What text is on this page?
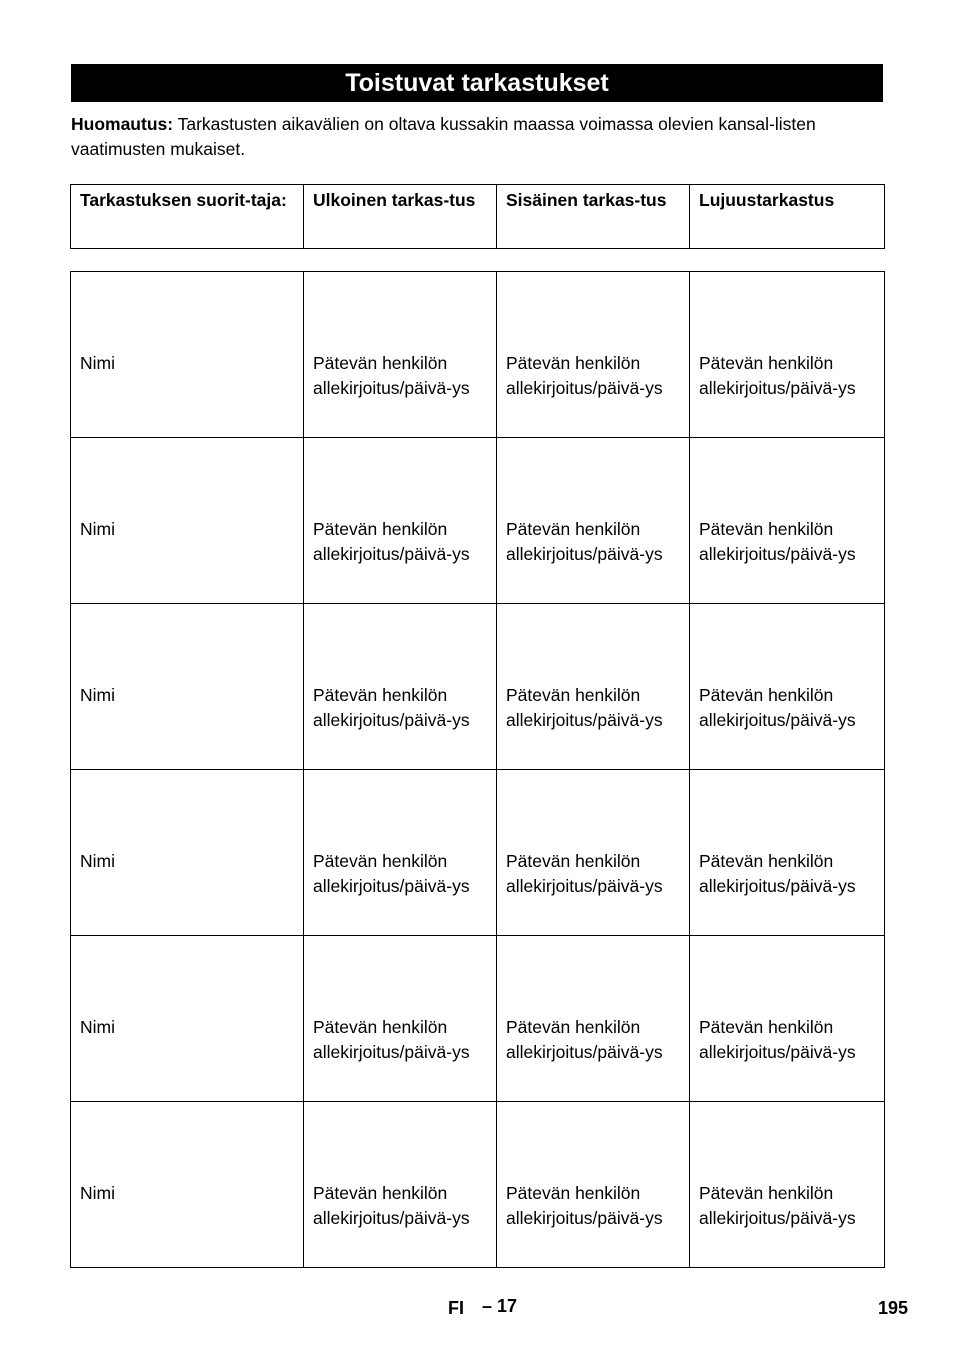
Toistuvat tarkastukset
Huomautus: Tarkastusten aikavälien on oltava kussakin maassa voimassa olevien kansal-listen vaatimusten mukaiset.
Tarkastuksen suorit-taja:	Ulkoinen tarkas-tus	Sisäinen tarkas-tus	Lujuustarkastus
Nimi	Pätevän henkilön allekirjoitus/päivä-ys	Pätevän henkilön allekirjoitus/päivä-ys	Pätevän henkilön allekirjoitus/päivä-ys
Nimi	Pätevän henkilön allekirjoitus/päivä-ys	Pätevän henkilön allekirjoitus/päivä-ys	Pätevän henkilön allekirjoitus/päivä-ys
Nimi	Pätevän henkilön allekirjoitus/päivä-ys	Pätevän henkilön allekirjoitus/päivä-ys	Pätevän henkilön allekirjoitus/päivä-ys
Nimi	Pätevän henkilön allekirjoitus/päivä-ys	Pätevän henkilön allekirjoitus/päivä-ys	Pätevän henkilön allekirjoitus/päivä-ys
Nimi	Pätevän henkilön allekirjoitus/päivä-ys	Pätevän henkilön allekirjoitus/päivä-ys	Pätevän henkilön allekirjoitus/päivä-ys
Nimi	Pätevän henkilön allekirjoitus/päivä-ys	Pätevän henkilön allekirjoitus/päivä-ys	Pätevän henkilön allekirjoitus/päivä-ys
FI – 17	195
